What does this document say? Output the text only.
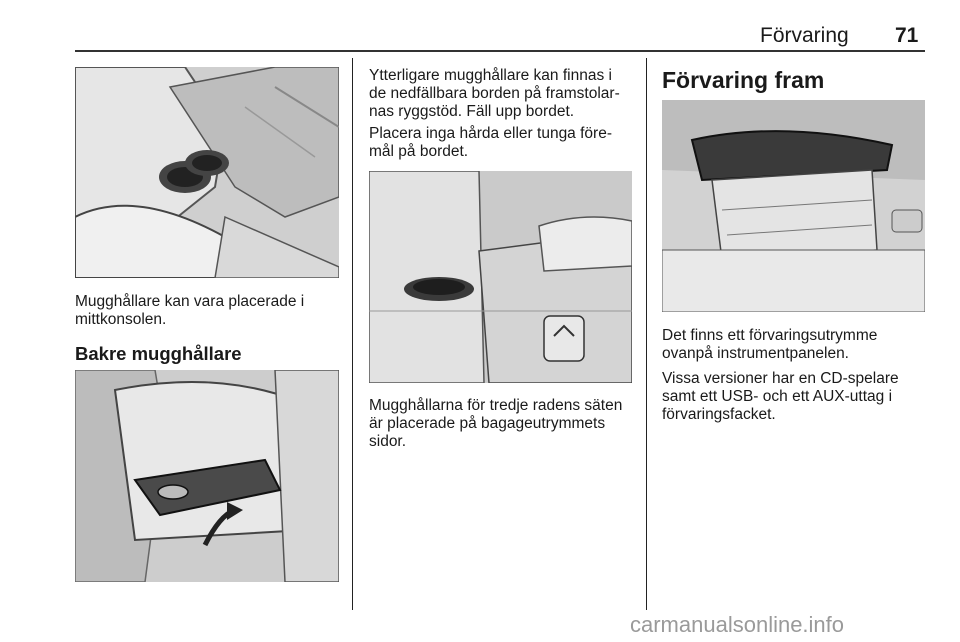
Förvaring 71

Mugghållare kan vara placerade i mittkonsolen.

Bakre mugghållare

Ytterligare mugghållare kan finnas i de nedfällbara borden på framstolar-nas ryggstöd. Fäll upp bordet.

Placera inga hårda eller tunga före-mål på bordet.

Mugghållarna för tredje radens säten är placerade på bagageutrymmets sidor.

Förvaring fram

Det finns ett förvaringsutrymme ovanpå instrumentpanelen.

Vissa versioner har en CD-spelare samt ett USB- och ett AUX-uttag i förvaringsfacket.

carmanualsonline.info
